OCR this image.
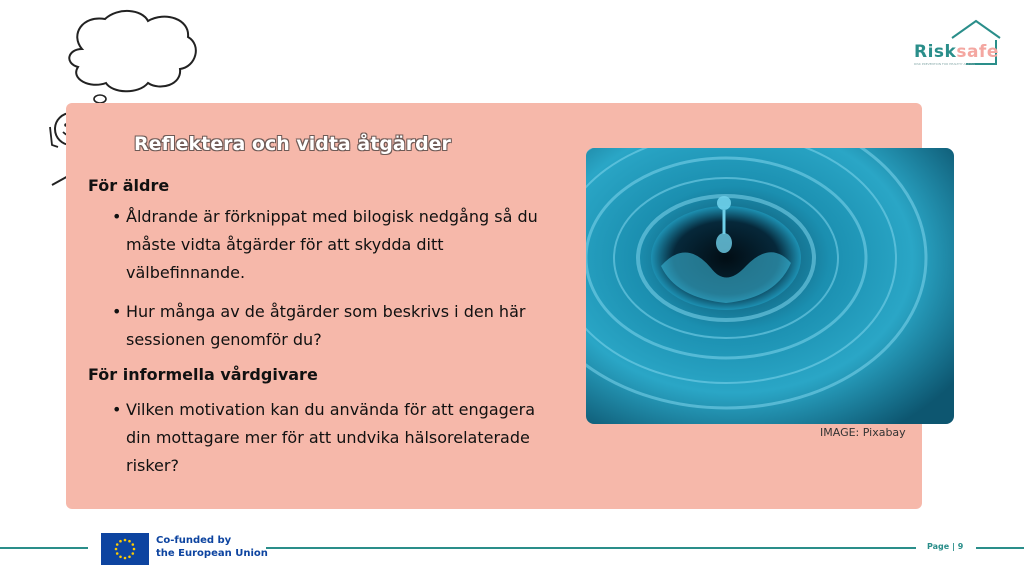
Risksafe
RISK PREVENTION FOR HEALTHY AGEING
Reflektera och vidta åtgärder
För äldre
• Åldrande är förknippat med bilogisk nedgång så du måste vidta åtgärder för att skydda ditt välbefinnande.
• Hur många av de åtgärder som beskrivs i den här sessionen genomför du?
För informella vårdgivare
• Vilken motivation kan du använda för att engagera din mottagare mer för att undvika hälsorelaterade risker?
IMAGE: Pixabay
Co-funded by
the European Union
Page | 9
